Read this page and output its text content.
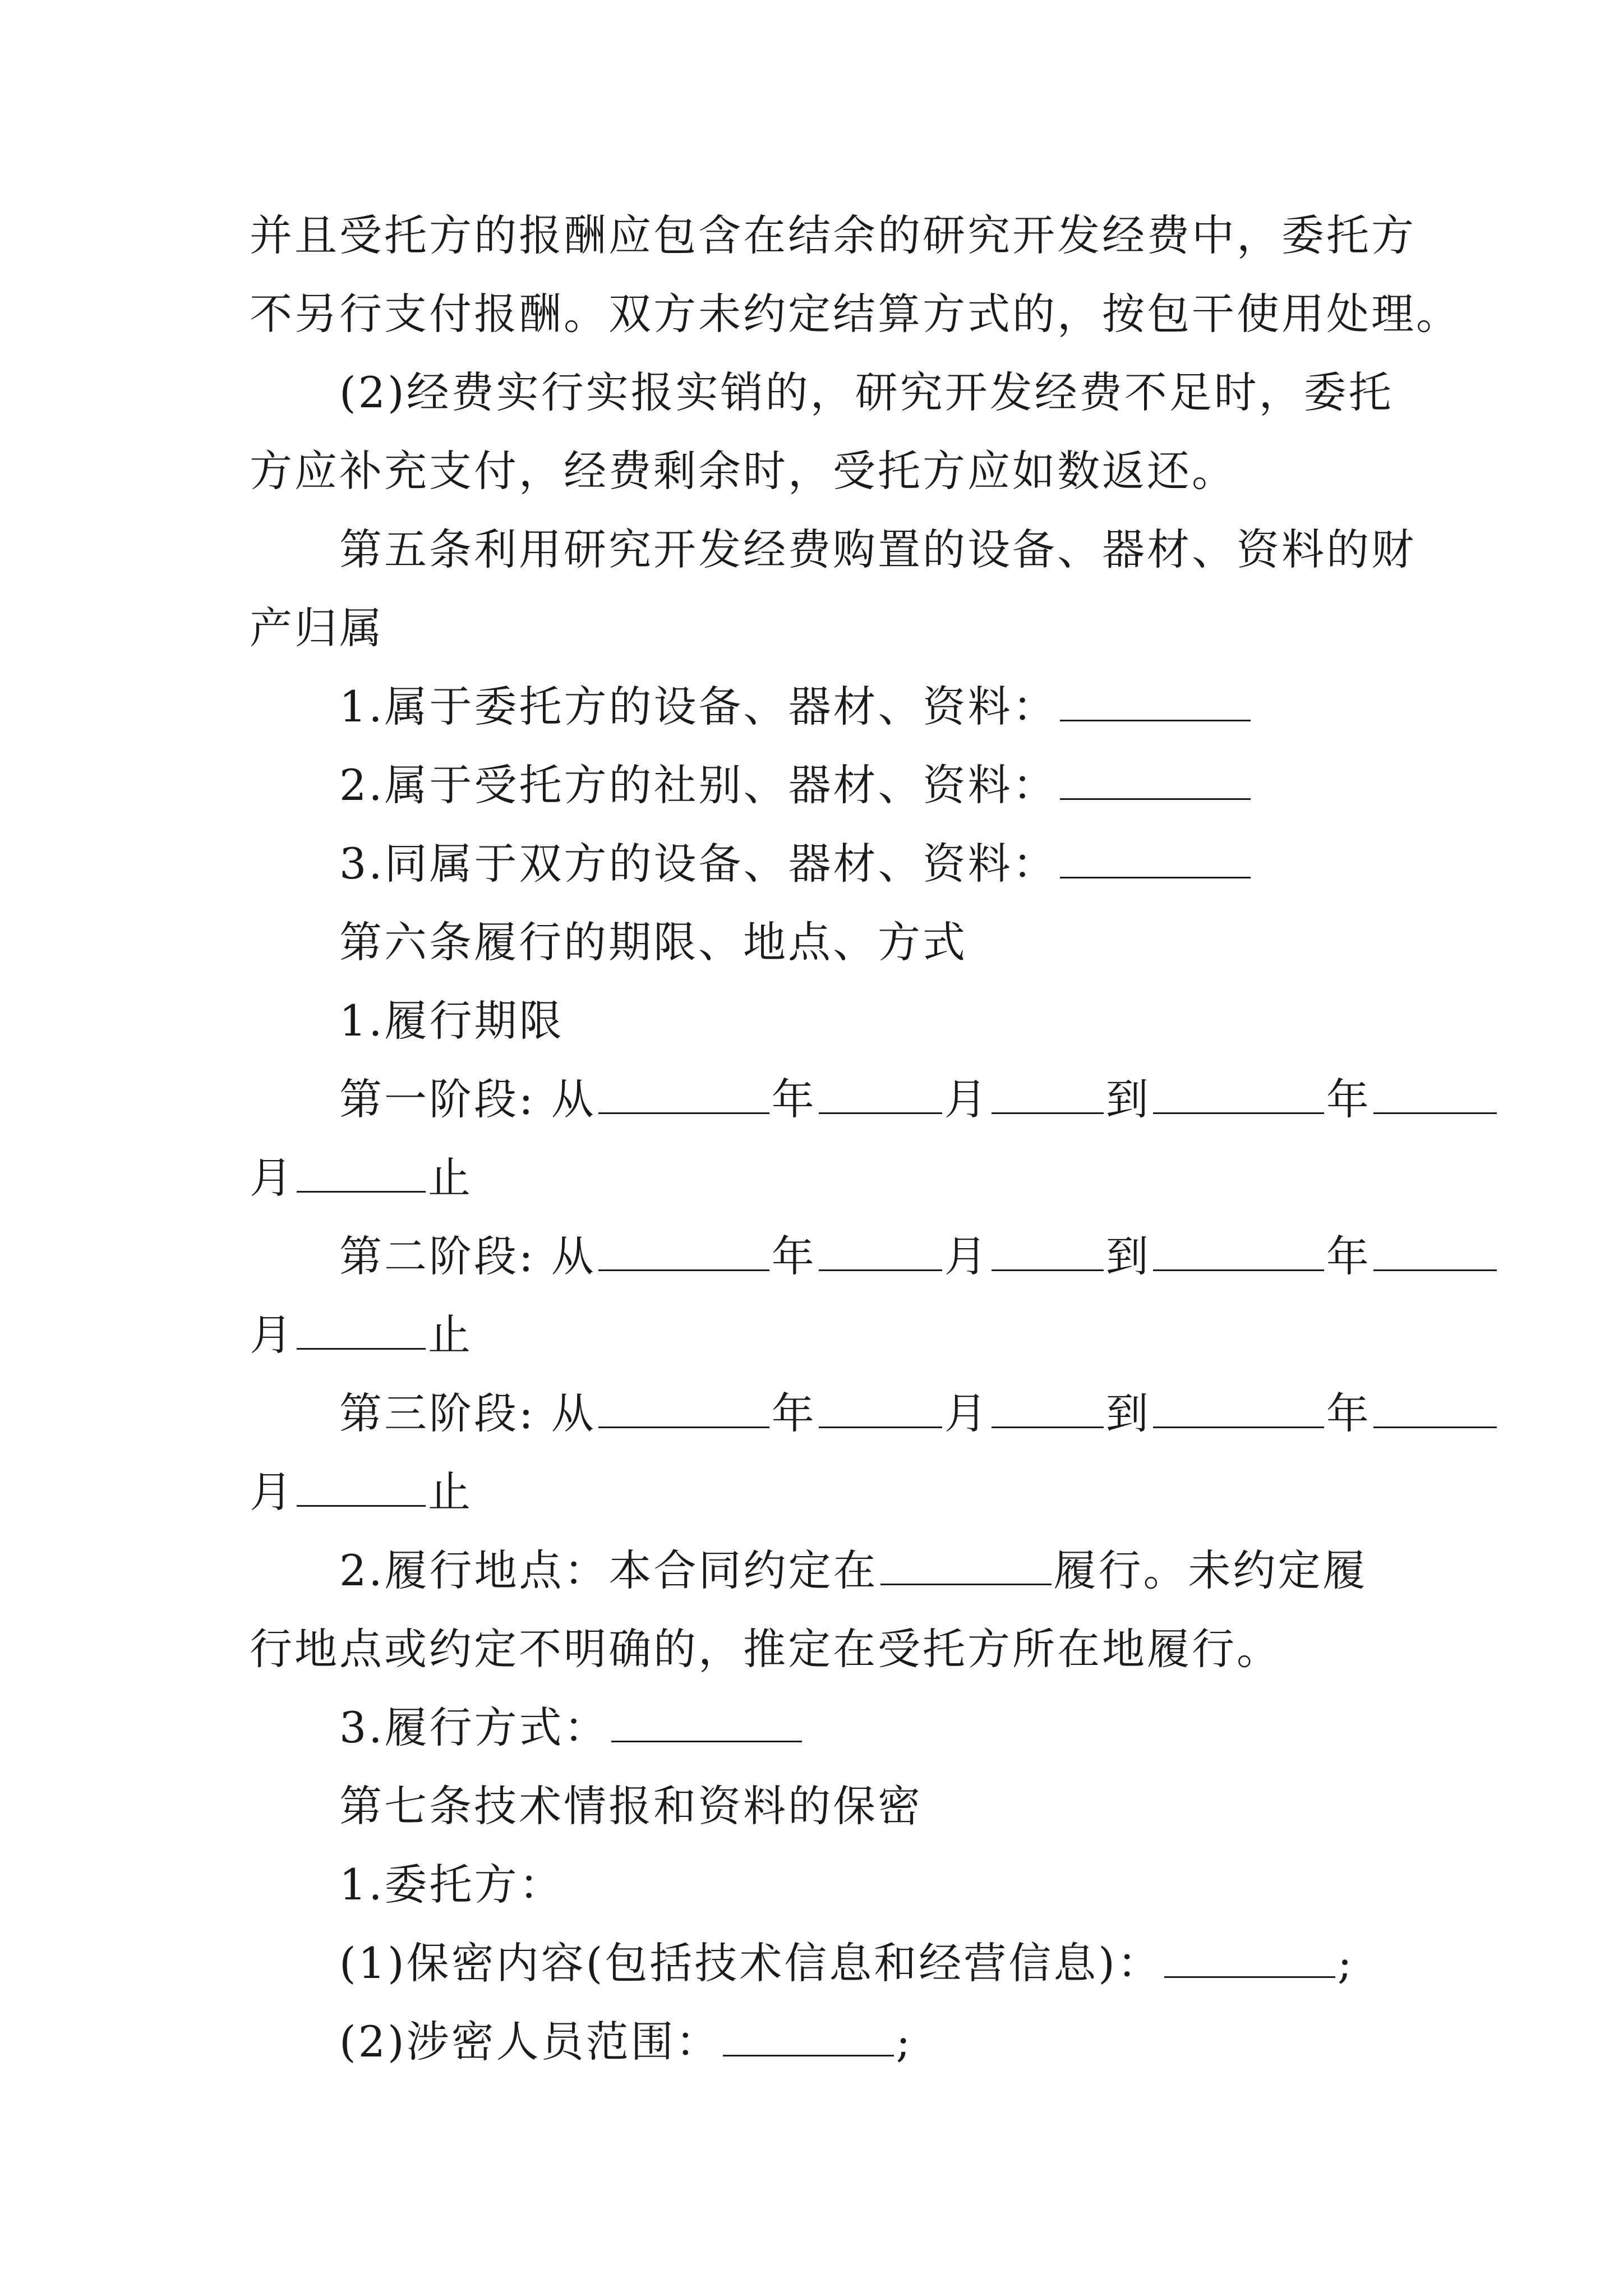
并且受托方的报酬应包含在结余的研究开发经费中，委托方
不另行支付报酬。双方未约定结算方式的，按包干使用处理。
(2)经费实行实报实销的，研究开发经费不足时，委托
方应补充支付，经费剩余时，受托方应如数返还。
第五条利用研究开发经费购置的设备、器材、资料的财
产归属
1.属于委托方的设备、器材、资料：
2.属于受托方的社别、器材、资料：
3.同属于双方的设备、器材、资料：
第六条履行的期限、地点、方式
1.履行期限
第一阶段: 从	年	月	到	年
月	止
第二阶段: 从	年	月	到	年
月	止
第三阶段: 从	年	月	到	年
月	止
2.履行地点：本合同约定在	履行。未约定履
行地点或约定不明确的，推定在受托方所在地履行。
3.履行方式：
第七条技术情报和资料的保密
1.委托方：
(1)保密内容(包括技术信息和经营信息)：	;
(2)涉密人员范围：	;
